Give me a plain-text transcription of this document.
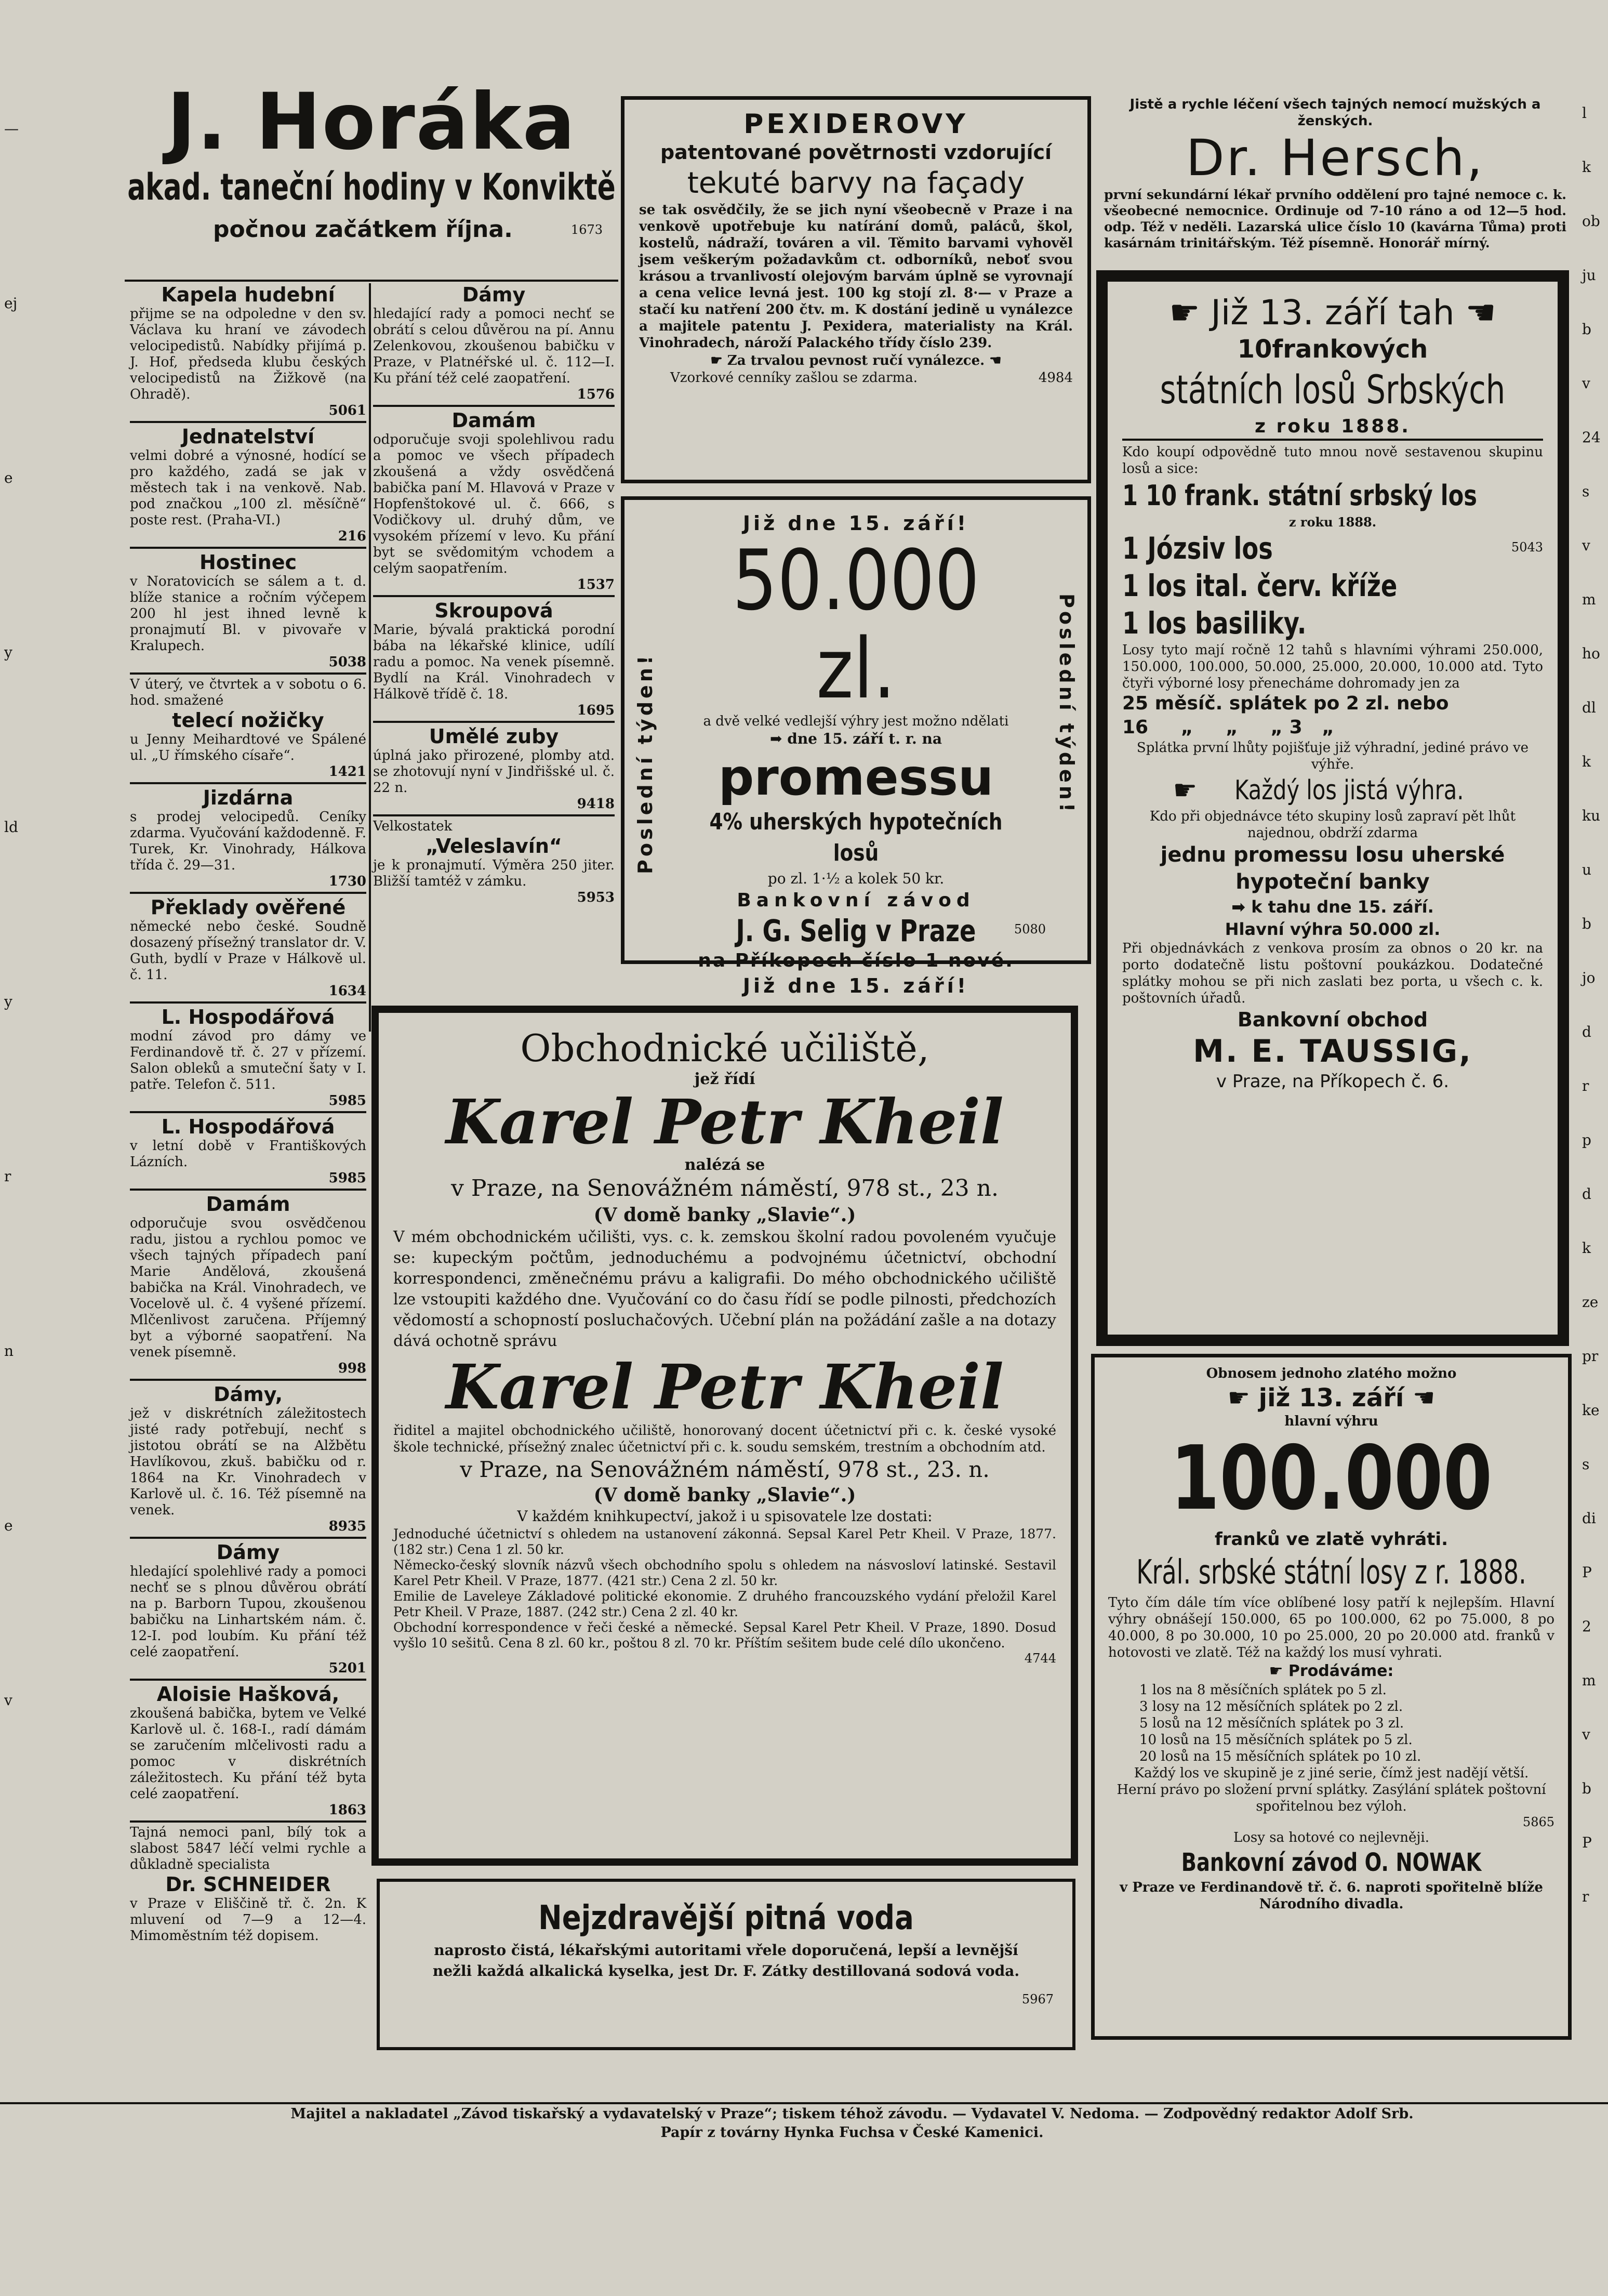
J. Horáka
akad. taneční hodiny v Konviktě
počnou začátkem října.	1673
Kapela hudební

přijme se na odpoledne v den sv. Václava ku hraní ve závodech velocipedistů. Nabídky přijímá p. J. Hof, předseda klubu českých velocipedistů na Žižkově (na Ohradě).

5061
Jednatelství

velmi dobré a výnosné, hodící se pro každého, zadá se jak v městech tak i na venkově. Nab. pod značkou „100 zl. měsíčně“ poste rest. (Praha-VI.)

216
Hostinec

v Noratovicích se sálem a t. d. blíže stanice a ročním výčepem 200 hl jest ihned levně k pronajmutí Bl. v pivovaře v Kralupech.

5038

V úterý, ve čtvrtek a v sobotu o 6. hod. smažené

telecí nožičky

u Jenny Meihardtové ve Spálené ul. „U římského císaře“.

1421
Jizdárna

s prodej velocipedů. Ceníky zdarma. Vyučování každodenně. F. Turek, Kr. Vinohrady, Hálkova třída č. 29—31.

1730
Překlady ověřené

německé nebo české. Soudně dosazený přísežný translator dr. V. Guth, bydlí v Praze v Hálkově ul. č. 11.

1634
L. Hospodářová

modní závod pro dámy ve Ferdinandově tř. č. 27 v přízemí. Salon obleků a smuteční šaty v I. patře. Telefon č. 511.

5985
L. Hospodářová

v letní době v Františkových Lázních.

5985
Damám

odporučuje svou osvědčenou radu, jistou a rychlou pomoc ve všech tajných případech paní Marie Andělová, zkoušená babička na Král. Vinohradech, ve Vocelově ul. č. 4 vyšené přízemí. Mlčenlivost zaručena. Příjemný byt a výborné saopatření. Na venek písemně.

998
Dámy,

jež v diskrétních záležitostech jisté rady potřebují, nechť s jistotou obrátí se na Alžbětu Havlíkovou, zkuš. babičku od r. 1864 na Kr. Vinohradech v Karlově ul. č. 16. Též písemně na venek.

8935
Dámy

hledající spolehlivé rady a pomoci nechť se s plnou důvěrou obrátí na p. Barborn Tupou, zkoušenou babičku na Linhartském nám. č. 12-I. pod loubím. Ku přání též celé zaopatření.

5201
Aloisie Hašková,

zkoušená babička, bytem ve Velké Karlově ul. č. 168-I., radí dámám se zaručením mlčelivosti radu a pomoc v diskrétních záležitostech. Ku přání též byta celé zaopatření.

1863

Tajná nemoci panl, bílý tok a slabost 5847 léčí velmi rychle a důkladně specialista

Dr. SCHNEIDER

v Praze v Eliščině tř. č. 2n. K mluvení od 7—9 a 12—4. Mimoměstním též dopisem.

Dámy

hledající rady a pomoci nechť se obrátí s celou důvěrou na pí. Annu Zelenkovou, zkoušenou babičku v Praze, v Platnéřské ul. č. 112—I. Ku přání též celé zaopatření.

1576
Damám

odporučuje svoji spolehlivou radu a pomoc ve všech případech zkoušená a vždy osvědčená babička paní M. Hlavová v Praze v Hopfenštokové ul. č. 666, s Vodičkovy ul. druhý dům, ve vysokém přízemí v levo. Ku přání byt se svědomitým vchodem a celým saopatřením.

1537
Skroupová

Marie, bývalá praktická porodní bába na lékařské klinice, udílí radu a pomoc. Na venek písemně. Bydlí na Král. Vinohradech v Hálkově třídě č. 18.

1695
Umělé zuby

úplná jako přirozené, plomby atd. se zhotovují nyní v Jindřišské ul. č. 22 n.

9418

Velkostatek

„Veleslavín“

je k pronajmutí. Výměra 250 jiter. Bližší tamtéž v zámku.

5953
PEXIDEROVY
patentované povětrnosti vzdorující
tekuté barvy na façady

se tak osvědčily, že se jich nyní všeobecně v Praze i na venkově upotřebuje ku natírání domů, paláců, škol, kostelů, nádraží, továren a vil. Těmito barvami vyhověl jsem veškerým požadavkům ct. odborníků, neboť svou krásou a trvanlivostí olejovým barvám úplně se vyrovnají a cena velice levná jest. 100 kg stojí zl. 8·— v Praze a stačí ku natření 200 čtv. m. K dostání jedině u vynálezce a majitele patentu J. Pexidera, materialisty na Král. Vinohradech, nároží Palackého třídy číslo 239.

☛ Za trvalou pevnost ručí vynálezce. ☚
Vzorkové cenníky zašlou se zdarma.	4984
Poslední týden!	Poslední týden!
Již dne 15. září!
50.000 zl.
a dvě velké vedlejší výhry jest možno ndělati
➡ dne 15. září t. r. na
promessu
4% uherských hypotečních losů
po zl. 1·½ a kolek 50 kr.
Bankovní závod
J. G. Selig v Praze	5080
na Příkopech číslo 1 nové.
Již dne 15. září!
Jistě a rychle léčení všech tajných nemocí mužských a ženských.
Dr. Hersch,

první sekundární lékař prvního oddělení pro tajné nemoce c. k. všeobecné nemocnice. Ordinuje od 7-10 ráno a od 12—5 hod. odp. Též v neděli. Lazarská ulice číslo 10 (kavárna Tůma) proti kasárnám trinitářským. Též písemně. Honorář mírný.

☛ Již 13. září tah ☚
10frankových
státních losů Srbských
z roku 1888.

Kdo koupí odpovědně tuto mnou nově sestavenou skupinu losů a sice:

1 10 frank. státní srbský los
z roku 1888.
1 Józsiv los	5043
1 los ital. červ. kříže
1 los basiliky.

Losy tyto mají ročně 12 tahů s hlavními výhrami 250.000, 150.000, 100.000, 50.000, 25.000, 20.000, 10.000 atd. Tyto čtyři výborné losy přenecháme dohromady jen za

25 měsíč. splátek po 2 zl. nebo
16     „     „     „ 3   „

Splátka první lhůty pojišťuje již výhradní, jediné právo ve výhře.

☛ Každý los jistá výhra.

Kdo při objednávce této skupiny losů zapraví pět lhůt najednou, obdrží zdarma

jednu promessu losu uherské
hypoteční banky
➡ k tahu dne 15. září.
Hlavní výhra 50.000 zl.

Při objednávkách z venkova prosím za obnos o 20 kr. na porto dodatečně listu poštovní poukázkou. Dodatečné splátky mohou se při nich zaslati bez porta, u všech c. k. poštovních úřadů.

Bankovní obchod
M. E. TAUSSIG,
v Praze, na Příkopech č. 6.
Obnosem jednoho zlatého možno
☛ již 13. září ☚
hlavní výhru
100.000
franků ve zlatě vyhráti.
Král. srbské státní losy z r. 1888.

Tyto čím dále tím více oblíbené losy patří k nejlepším. Hlavní výhry obnášejí 150.000, 65 po 100.000, 62 po 75.000, 8 po 40.000, 8 po 30.000, 10 po 25.000, 20 po 20.000 atd. franků v hotovosti ve zlatě. Též na každý los musí vyhrati.

☛ Prodáváme:
1 los na 8 měsíčních splátek po 5 zl.
3 losy na 12 měsíčních splátek po 2 zl.
5 losů na 12 měsíčních splátek po 3 zl.
10 losů na 15 měsíčních splátek po 5 zl.
20 losů na 15 měsíčních splátek po 10 zl.

Každý los ve skupině je z jiné serie, čímž jest nadějí větší.

Herní právo po složení první splátky. Zasýlání splátek poštovní spořitelnou bez výloh.

5865
Losy sa hotové co nejlevněji.
Bankovní závod O. NOWAK

v Praze ve Ferdinandově tř. č. 6. naproti spořitelně blíže Národního divadla.

Obchodnické učiliště,
jež řídí
Karel Petr Kheil
nalézá se
v Praze, na Senovážném náměstí, 978 st., 23 n.
(V domě banky „Slavie“.)

V mém obchodnickém učilišti, vys. c. k. zemskou školní radou povoleném vyučuje se: kupeckým počtům, jednoduchému a podvojnému účetnictví, obchodní korrespondenci, změnečnému právu a kaligrafii. Do mého obchodnického učiliště lze vstoupiti každého dne. Vyučování co do času řídí se podle pilnosti, předchozích vědomostí a schopností posluchačových. Učební plán na požádání zašle a na dotazy dává ochotně správu

Karel Petr Kheil

řiditel a majitel obchodnického učiliště, honorovaný docent účetnictví při c. k. české vysoké škole technické, přísežný znalec účetnictví při c. k. soudu semském, trestním a obchodním atd.

v Praze, na Senovážném náměstí, 978 st., 23. n.
(V domě banky „Slavie“.)
V každém knihkupectví, jakož i u spisovatele lze dostati:

Jednoduché účetnictví s ohledem na ustanovení zákonná. Sepsal Karel Petr Kheil. V Praze, 1877. (182 str.) Cena 1 zl. 50 kr.

Německo-český slovník názvů všech obchodního spolu s ohledem na násvosloví latinské. Sestavil Karel Petr Kheil. V Praze, 1877. (421 str.) Cena 2 zl. 50 kr.

Emilie de Laveleye Základové politické ekonomie. Z druhého francouzského vydání přeložil Karel Petr Kheil. V Praze, 1887. (242 str.) Cena 2 zl. 40 kr.

Obchodní korrespondence v řeči české a německé. Sepsal Karel Petr Kheil. V Praze, 1890. Dosud vyšlo 10 sešitů. Cena 8 zl. 60 kr., poštou 8 zl. 70 kr. Příštím sešitem bude celé dílo ukončeno.

4744
Nejzdravější pitná voda

naprosto čistá, lékařskými autoritami vřele doporučená, lepší a levnější nežli každá alkalická kyselka, jest Dr. F. Zátky destillovaná sodová voda.

5967
Majitel a nakladatel „Závod tiskařský a vydavatelský v Praze“; tiskem téhož závodu. — Vydavatel V. Nedoma. — Zodpovědný redaktor Adolf Srb.
Papír z továrny Hynka Fuchsa v České Kamenici.
—
ej
e
y
ld
y
r
n
e
v
l
k
ob
ju
b
v
24
s
v
m
ho
dl
k
ku
u
b
jo
d
r
p
d
k
ze
pr
ke
s
di
P
2
m
v
b
P
r
